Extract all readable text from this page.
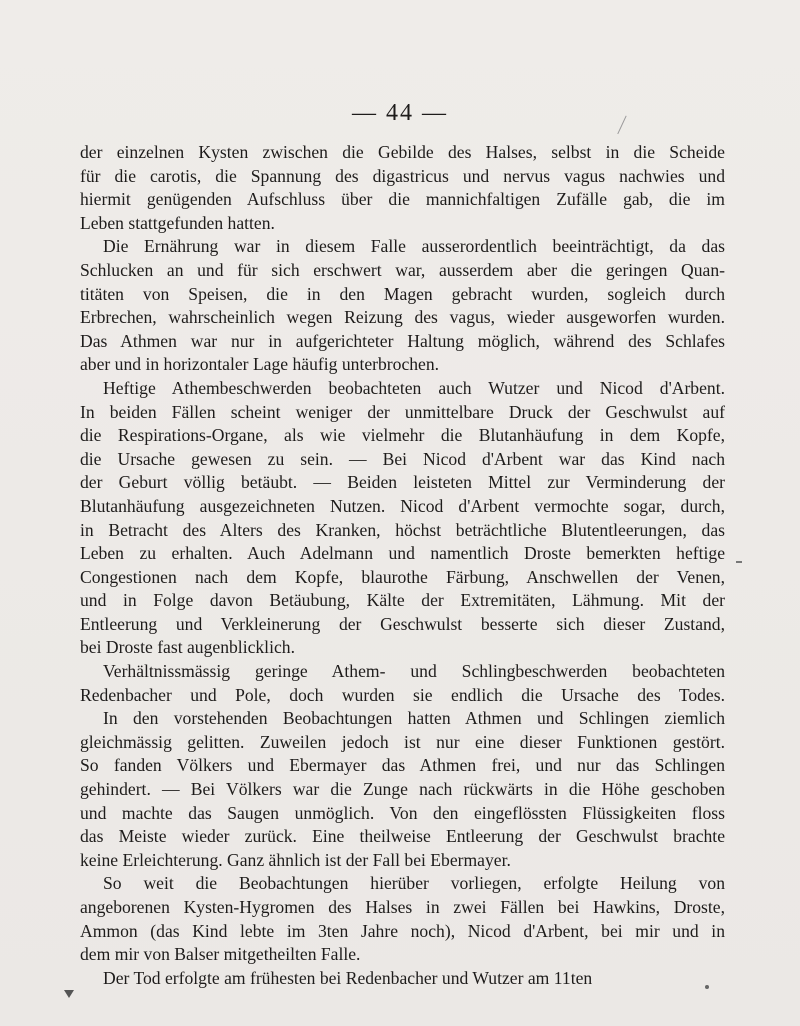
— 44 —
der einzelnen Kysten zwischen die Gebilde des Halses, selbst in die Scheide
für die carotis, die Spannung des digastricus und nervus vagus nachwies und
hiermit genügenden Aufschluss über die mannichfaltigen Zufälle gab, die im
Leben stattgefunden hatten.
Die Ernährung war in diesem Falle ausserordentlich beeinträchtigt, da das
Schlucken an und für sich erschwert war, ausserdem aber die geringen Quan-
titäten von Speisen, die in den Magen gebracht wurden, sogleich durch
Erbrechen, wahrscheinlich wegen Reizung des vagus, wieder ausgeworfen wurden.
Das Athmen war nur in aufgerichteter Haltung möglich, während des Schlafes
aber und in horizontaler Lage häufig unterbrochen.
Heftige Athembeschwerden beobachteten auch Wutzer und Nicod d'Arbent.
In beiden Fällen scheint weniger der unmittelbare Druck der Geschwulst auf
die Respirations-Organe, als wie vielmehr die Blutanhäufung in dem Kopfe,
die Ursache gewesen zu sein. — Bei Nicod d'Arbent war das Kind nach
der Geburt völlig betäubt. — Beiden leisteten Mittel zur Verminderung der
Blutanhäufung ausgezeichneten Nutzen. Nicod d'Arbent vermochte sogar, durch,
in Betracht des Alters des Kranken, höchst beträchtliche Blutentleerungen, das
Leben zu erhalten. Auch Adelmann und namentlich Droste bemerkten heftige
Congestionen nach dem Kopfe, blaurothe Färbung, Anschwellen der Venen,
und in Folge davon Betäubung, Kälte der Extremitäten, Lähmung. Mit der
Entleerung und Verkleinerung der Geschwulst besserte sich dieser Zustand,
bei Droste fast augenblicklich.
Verhältnissmässig geringe Athem- und Schlingbeschwerden beobachteten
Redenbacher und Pole, doch wurden sie endlich die Ursache des Todes.
In den vorstehenden Beobachtungen hatten Athmen und Schlingen ziemlich
gleichmässig gelitten. Zuweilen jedoch ist nur eine dieser Funktionen gestört.
So fanden Völkers und Ebermayer das Athmen frei, und nur das Schlingen
gehindert. — Bei Völkers war die Zunge nach rückwärts in die Höhe geschoben
und machte das Saugen unmöglich. Von den eingeflössten Flüssigkeiten floss
das Meiste wieder zurück. Eine theilweise Entleerung der Geschwulst brachte
keine Erleichterung. Ganz ähnlich ist der Fall bei Ebermayer.
So weit die Beobachtungen hierüber vorliegen, erfolgte Heilung von
angeborenen Kysten-Hygromen des Halses in zwei Fällen bei Hawkins, Droste,
Ammon (das Kind lebte im 3ten Jahre noch), Nicod d'Arbent, bei mir und in
dem mir von Balser mitgetheilten Falle.
Der Tod erfolgte am frühesten bei Redenbacher und Wutzer am 11ten
